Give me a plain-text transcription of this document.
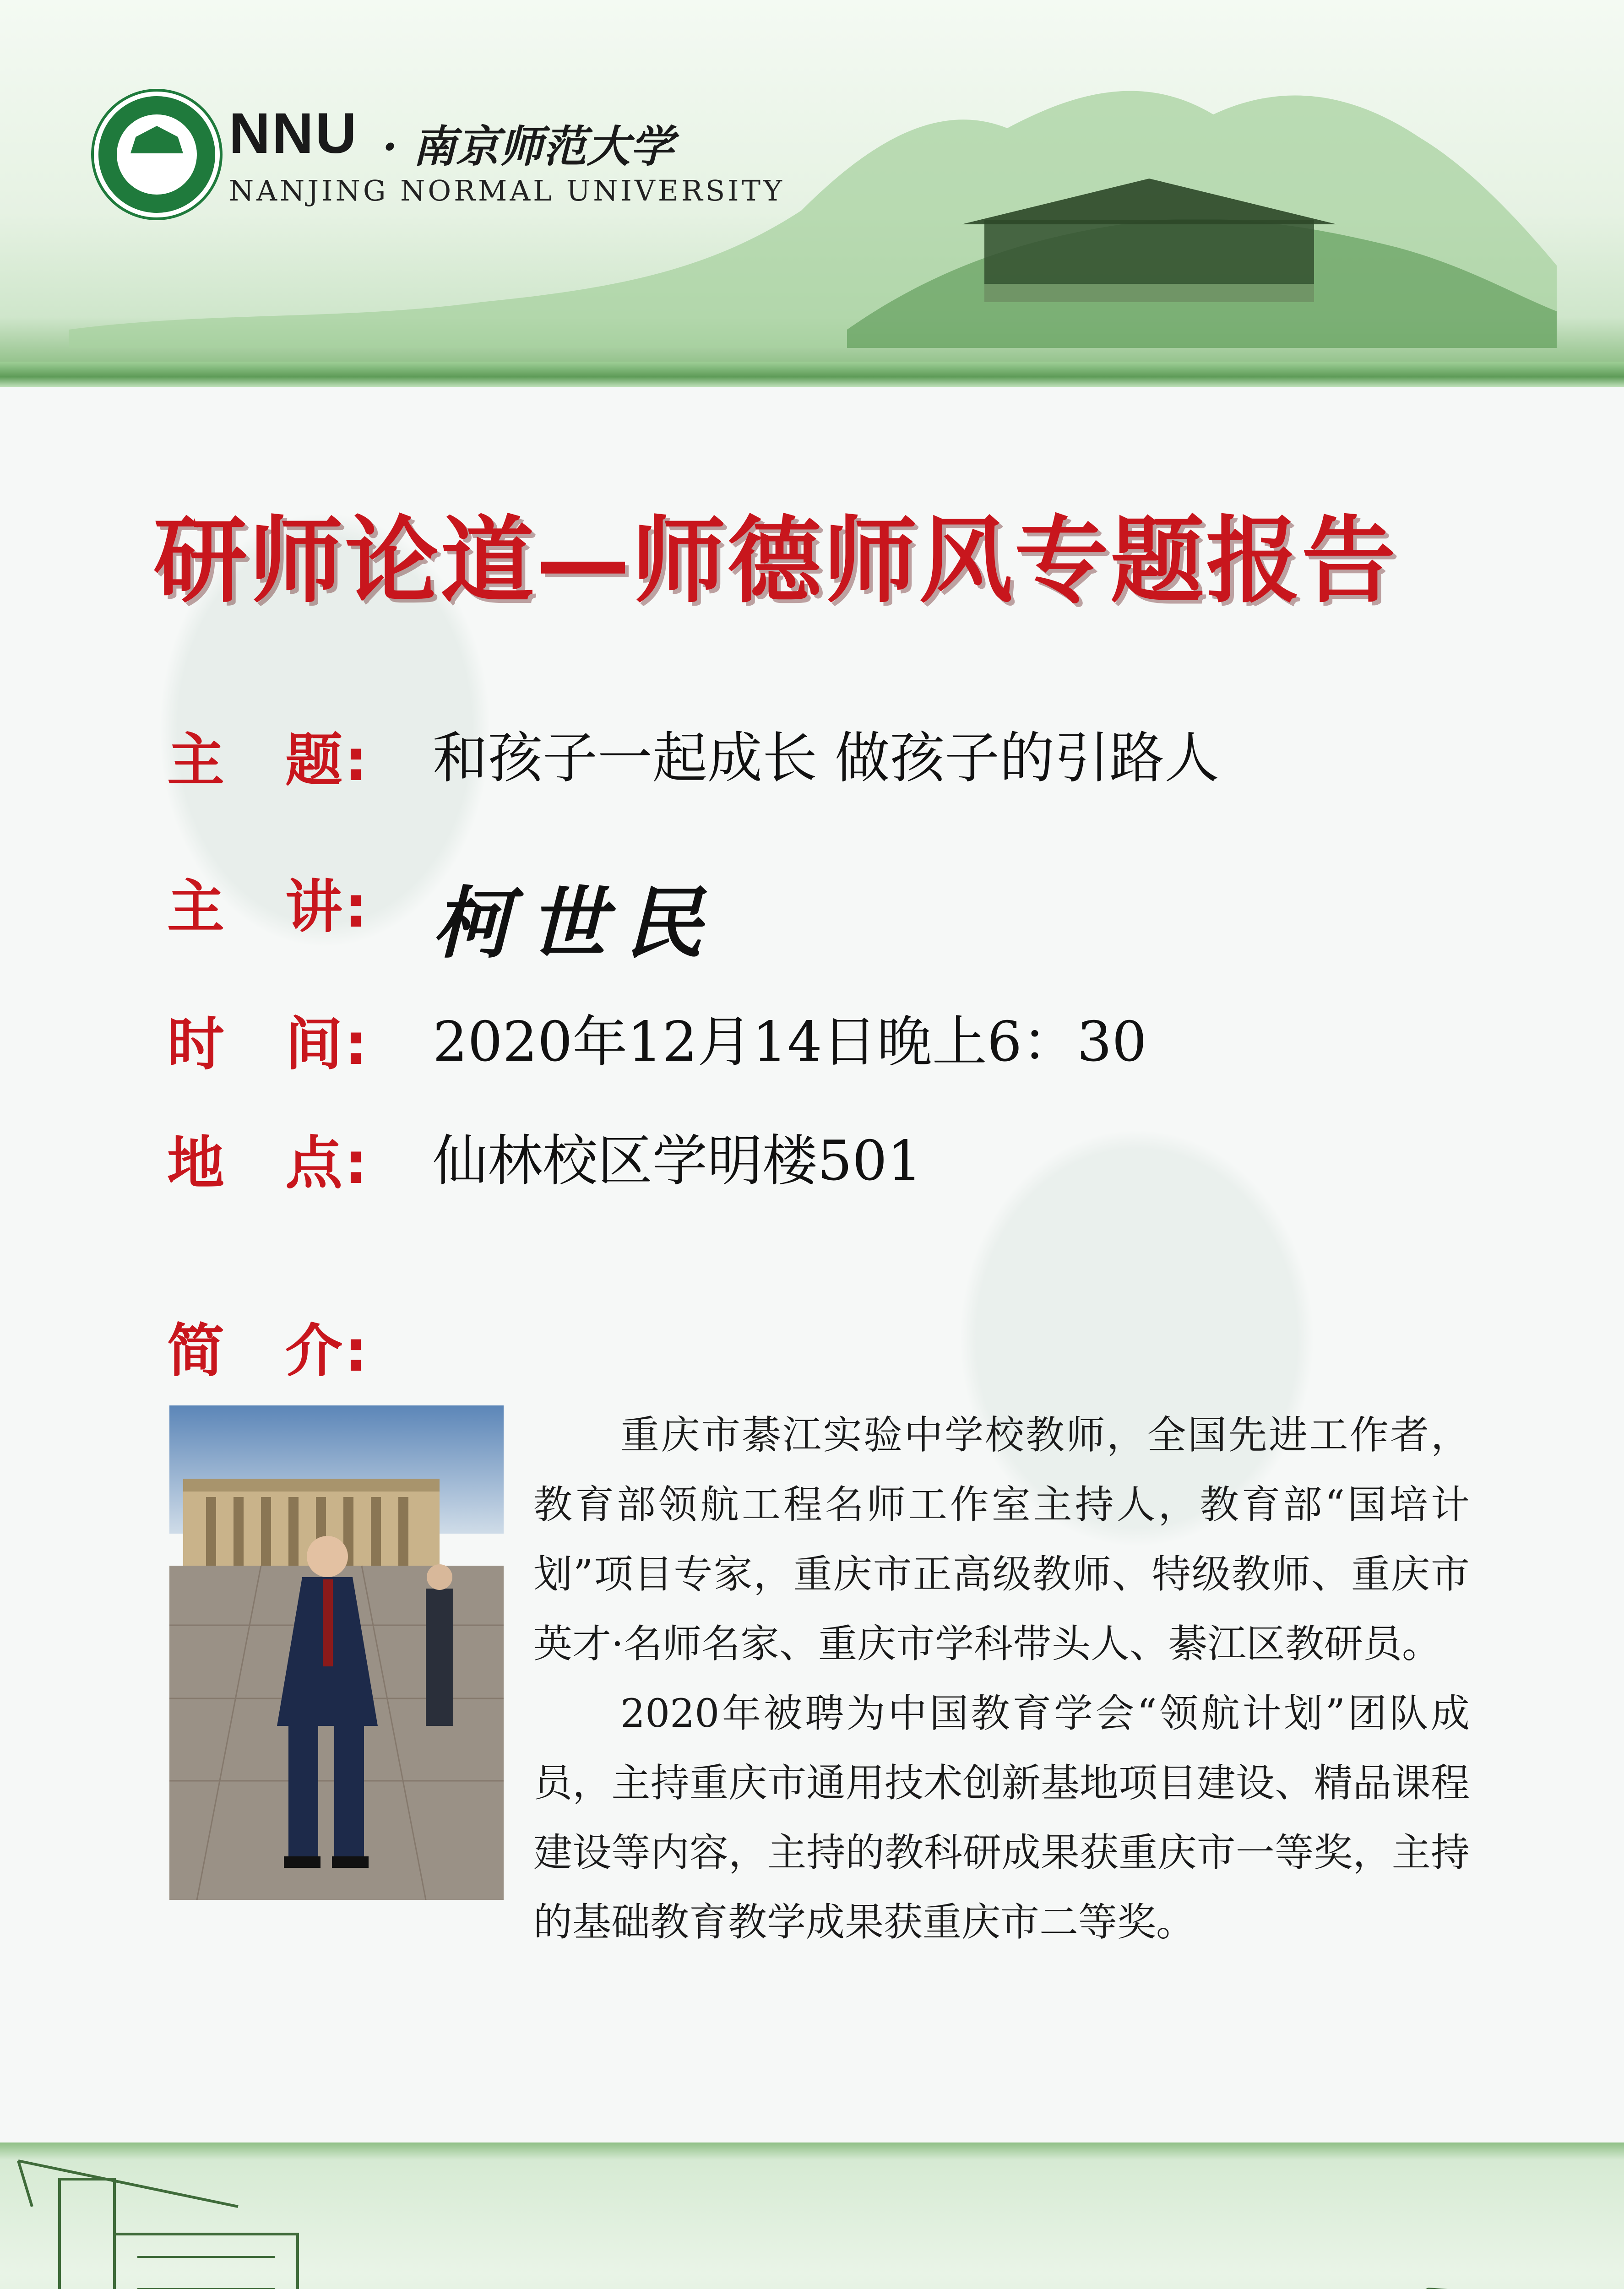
NNU · 南京师范大学
NANJING NORMAL UNIVERSITY
研师论道—师德师风专题报告
主　题: 和孩子一起成长 做孩子的引路人
主　讲: 柯世民
时　间: 2020年12月14日晚上6：30
地　点: 仙林校区学明楼501
简　介:

重庆市綦江实验中学校教师，全国先进工作者，教育部领航工程名师工作室主持人，教育部“国培计划”项目专家，重庆市正高级教师、特级教师、重庆市英才·名师名家、重庆市学科带头人、綦江区教研员。

2020年被聘为中国教育学会“领航计划”团队成员，主持重庆市通用技术创新基地项目建设、精品课程建设等内容，主持的教科研成果获重庆市一等奖，主持的基础教育教学成果获重庆市二等奖。
